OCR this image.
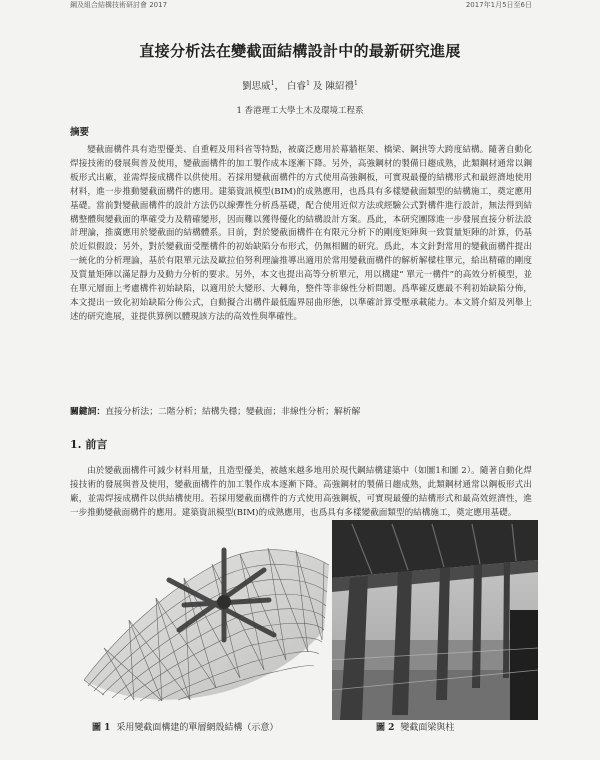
鋼及組合結構技術研討會 2017	2017年1月5日至6日
直接分析法在變截面結構設計中的最新研究進展
劉思威$^1$， 白睿$^1$ 及 陳紹禮$^1$
1 香港理工大學土木及環境工程系
摘要
變截面構件具有造型優美、自重輕及用料省等特點，被廣泛應用於幕牆框架、橋梁、鋼拱等大跨度結構。隨著自動化焊接技術的發展與普及使用，變截面構件的加工製作成本逐漸下降。另外，高強鋼材的製備日趨成熟，此類鋼材通常以鋼板形式出廠，並需焊接成構件以供使用。若採用變截面構件的方式使用高強鋼板，可實現最優的結構形式和最經濟地使用材料，進一步推動變截面構件的應用。建築資訊模型(BIM)的成熟應用，也爲具有多樣變截面類型的結構施工，奠定應用基礎。當前對變截面構件的設計方法仍以線彈性分析爲基礎，配合使用近似方法或經驗公式對構件進行設計，無法得到結構整體與變截面的準確受力及精確變形，因而難以獲得優化的結構設計方案。爲此，本研究團隊進一步發展直接分析法設計理論，推廣應用於變截面的結構體系。目前，對於變截面構件在有限元分析下的剛度矩陣與一致質量矩陣的計算，仍基於近似假設；另外，對於變截面受壓構件的初始缺陷分布形式，仍無相關的研究。爲此，本文針對常用的變截面構件提出一統化的分析理論，基於有限單元法及歐拉伯努利理論推導出適用於常用變截面構件的解析解樑柱單元，給出精確的剛度及質量矩陣以滿足靜力及動力分析的要求。另外，本文也提出高等分析單元，用以構建“ 單元一構件”的高效分析模型，並在單元層面上考慮構件初始缺陷，以適用於大變形、大轉角，整件等非線性分析問題。爲準確反應最不利初始缺陷分佈，本文提出一致化初始缺陷分佈公式，自動擬合出構件最低臨界屈曲形態，以準確計算受壓承載能力。本文將介紹及列舉上述的研究進展，並提供算例以體現該方法的高效性與準確性。
關鍵詞：直接分析法；二階分析；結構失穩；變截面；非線性分析；解析解
1. 前言
由於變截面構件可減少材料用量，且造型優美，被越來越多地用於現代鋼結構建築中（如圖1和圖 2）。隨著自動化焊接技術的發展與普及使用，變截面構件的加工製作成本逐漸下降。高強鋼材的製備日趨成熟，此類鋼材通常以鋼板形式出廠，並需焊接成構件以供結構使用。若採用變截面構件的方式使用高強鋼板，可實現最優的結構形式和最高效經濟性，進一步推動變截面構件的應用。建築資訊模型(BIM)的成熟應用，也爲具有多樣變截面類型的結構施工，奠定應用基礎。
圖 1 采用變截面構建的單層網殼結構（示意）	圖 2 變截面梁與柱
